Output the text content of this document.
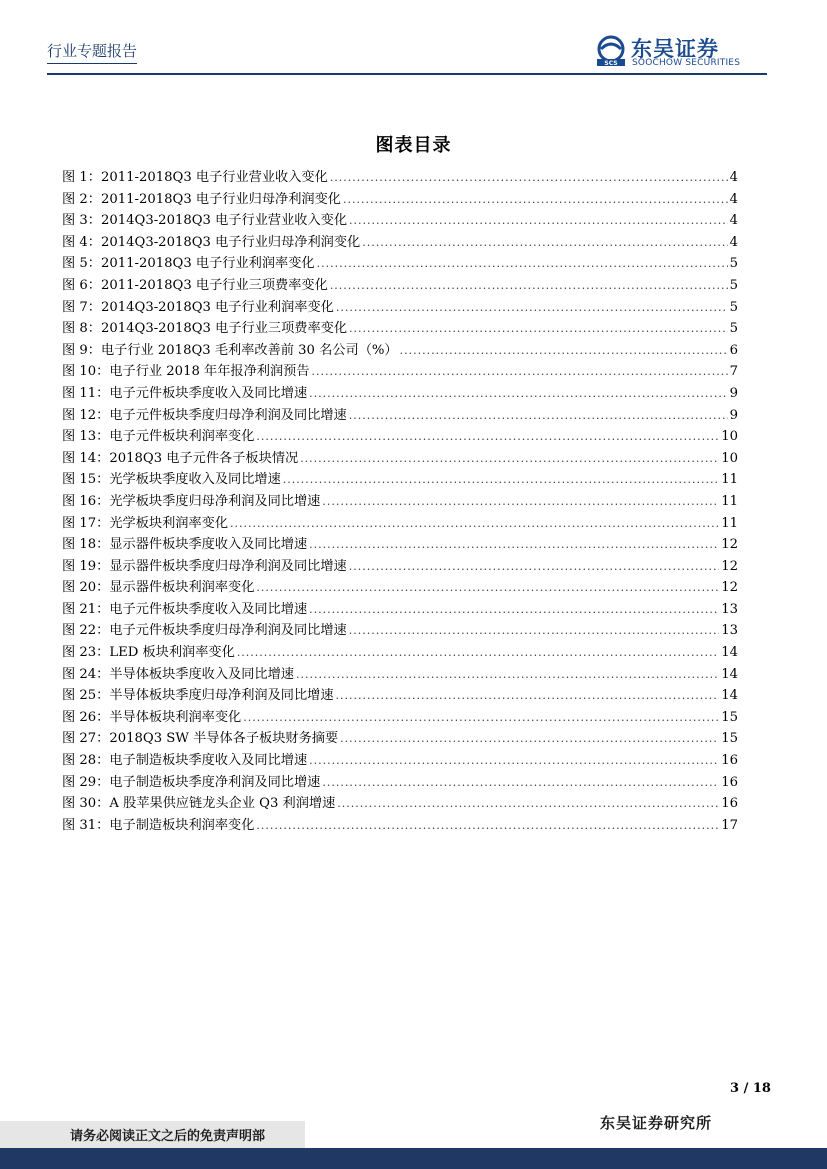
行业专题报告
SCS
东吴证券
SOOCHOW SECURITIES
图表目录
图 1：2011-2018Q3 电子行业营业收入变化 .....	4
图 2：2011-2018Q3 电子行业归母净利润变化 .....	4
图 3：2014Q3-2018Q3 电子行业营业收入变化 .....	4
图 4：2014Q3-2018Q3 电子行业归母净利润变化 .....	4
图 5：2011-2018Q3 电子行业利润率变化 .....	5
图 6：2011-2018Q3 电子行业三项费率变化 .....	5
图 7：2014Q3-2018Q3 电子行业利润率变化 .....	5
图 8：2014Q3-2018Q3 电子行业三项费率变化 .....	5
图 9：电子行业 2018Q3 毛利率改善前 30 名公司（%） .....	6
图 10：电子行业 2018 年年报净利润预告 .....	7
图 11：电子元件板块季度收入及同比增速 .....	9
图 12：电子元件板块季度归母净利润及同比增速 .....	9
图 13：电子元件板块利润率变化 .....	10
图 14：2018Q3 电子元件各子板块情况 .....	10
图 15：光学板块季度收入及同比增速 .....	11
图 16：光学板块季度归母净利润及同比增速 .....	11
图 17：光学板块利润率变化 .....	11
图 18：显示器件板块季度收入及同比增速 .....	12
图 19：显示器件板块季度归母净利润及同比增速 .....	12
图 20：显示器件板块利润率变化 .....	12
图 21：电子元件板块季度收入及同比增速 .....	13
图 22：电子元件板块季度归母净利润及同比增速 .....	13
图 23：LED 板块利润率变化 .....	14
图 24：半导体板块季度收入及同比增速 .....	14
图 25：半导体板块季度归母净利润及同比增速 .....	14
图 26：半导体板块利润率变化 .....	15
图 27：2018Q3 SW 半导体各子板块财务摘要 .....	15
图 28：电子制造板块季度收入及同比增速 .....	16
图 29：电子制造板块季度净利润及同比增速 .....	16
图 30：A 股苹果供应链龙头企业 Q3 利润增速 .....	16
图 31：电子制造板块利润率变化 .....	17
3 / 18
请务必阅读正文之后的免责声明部
东吴证券研究所
